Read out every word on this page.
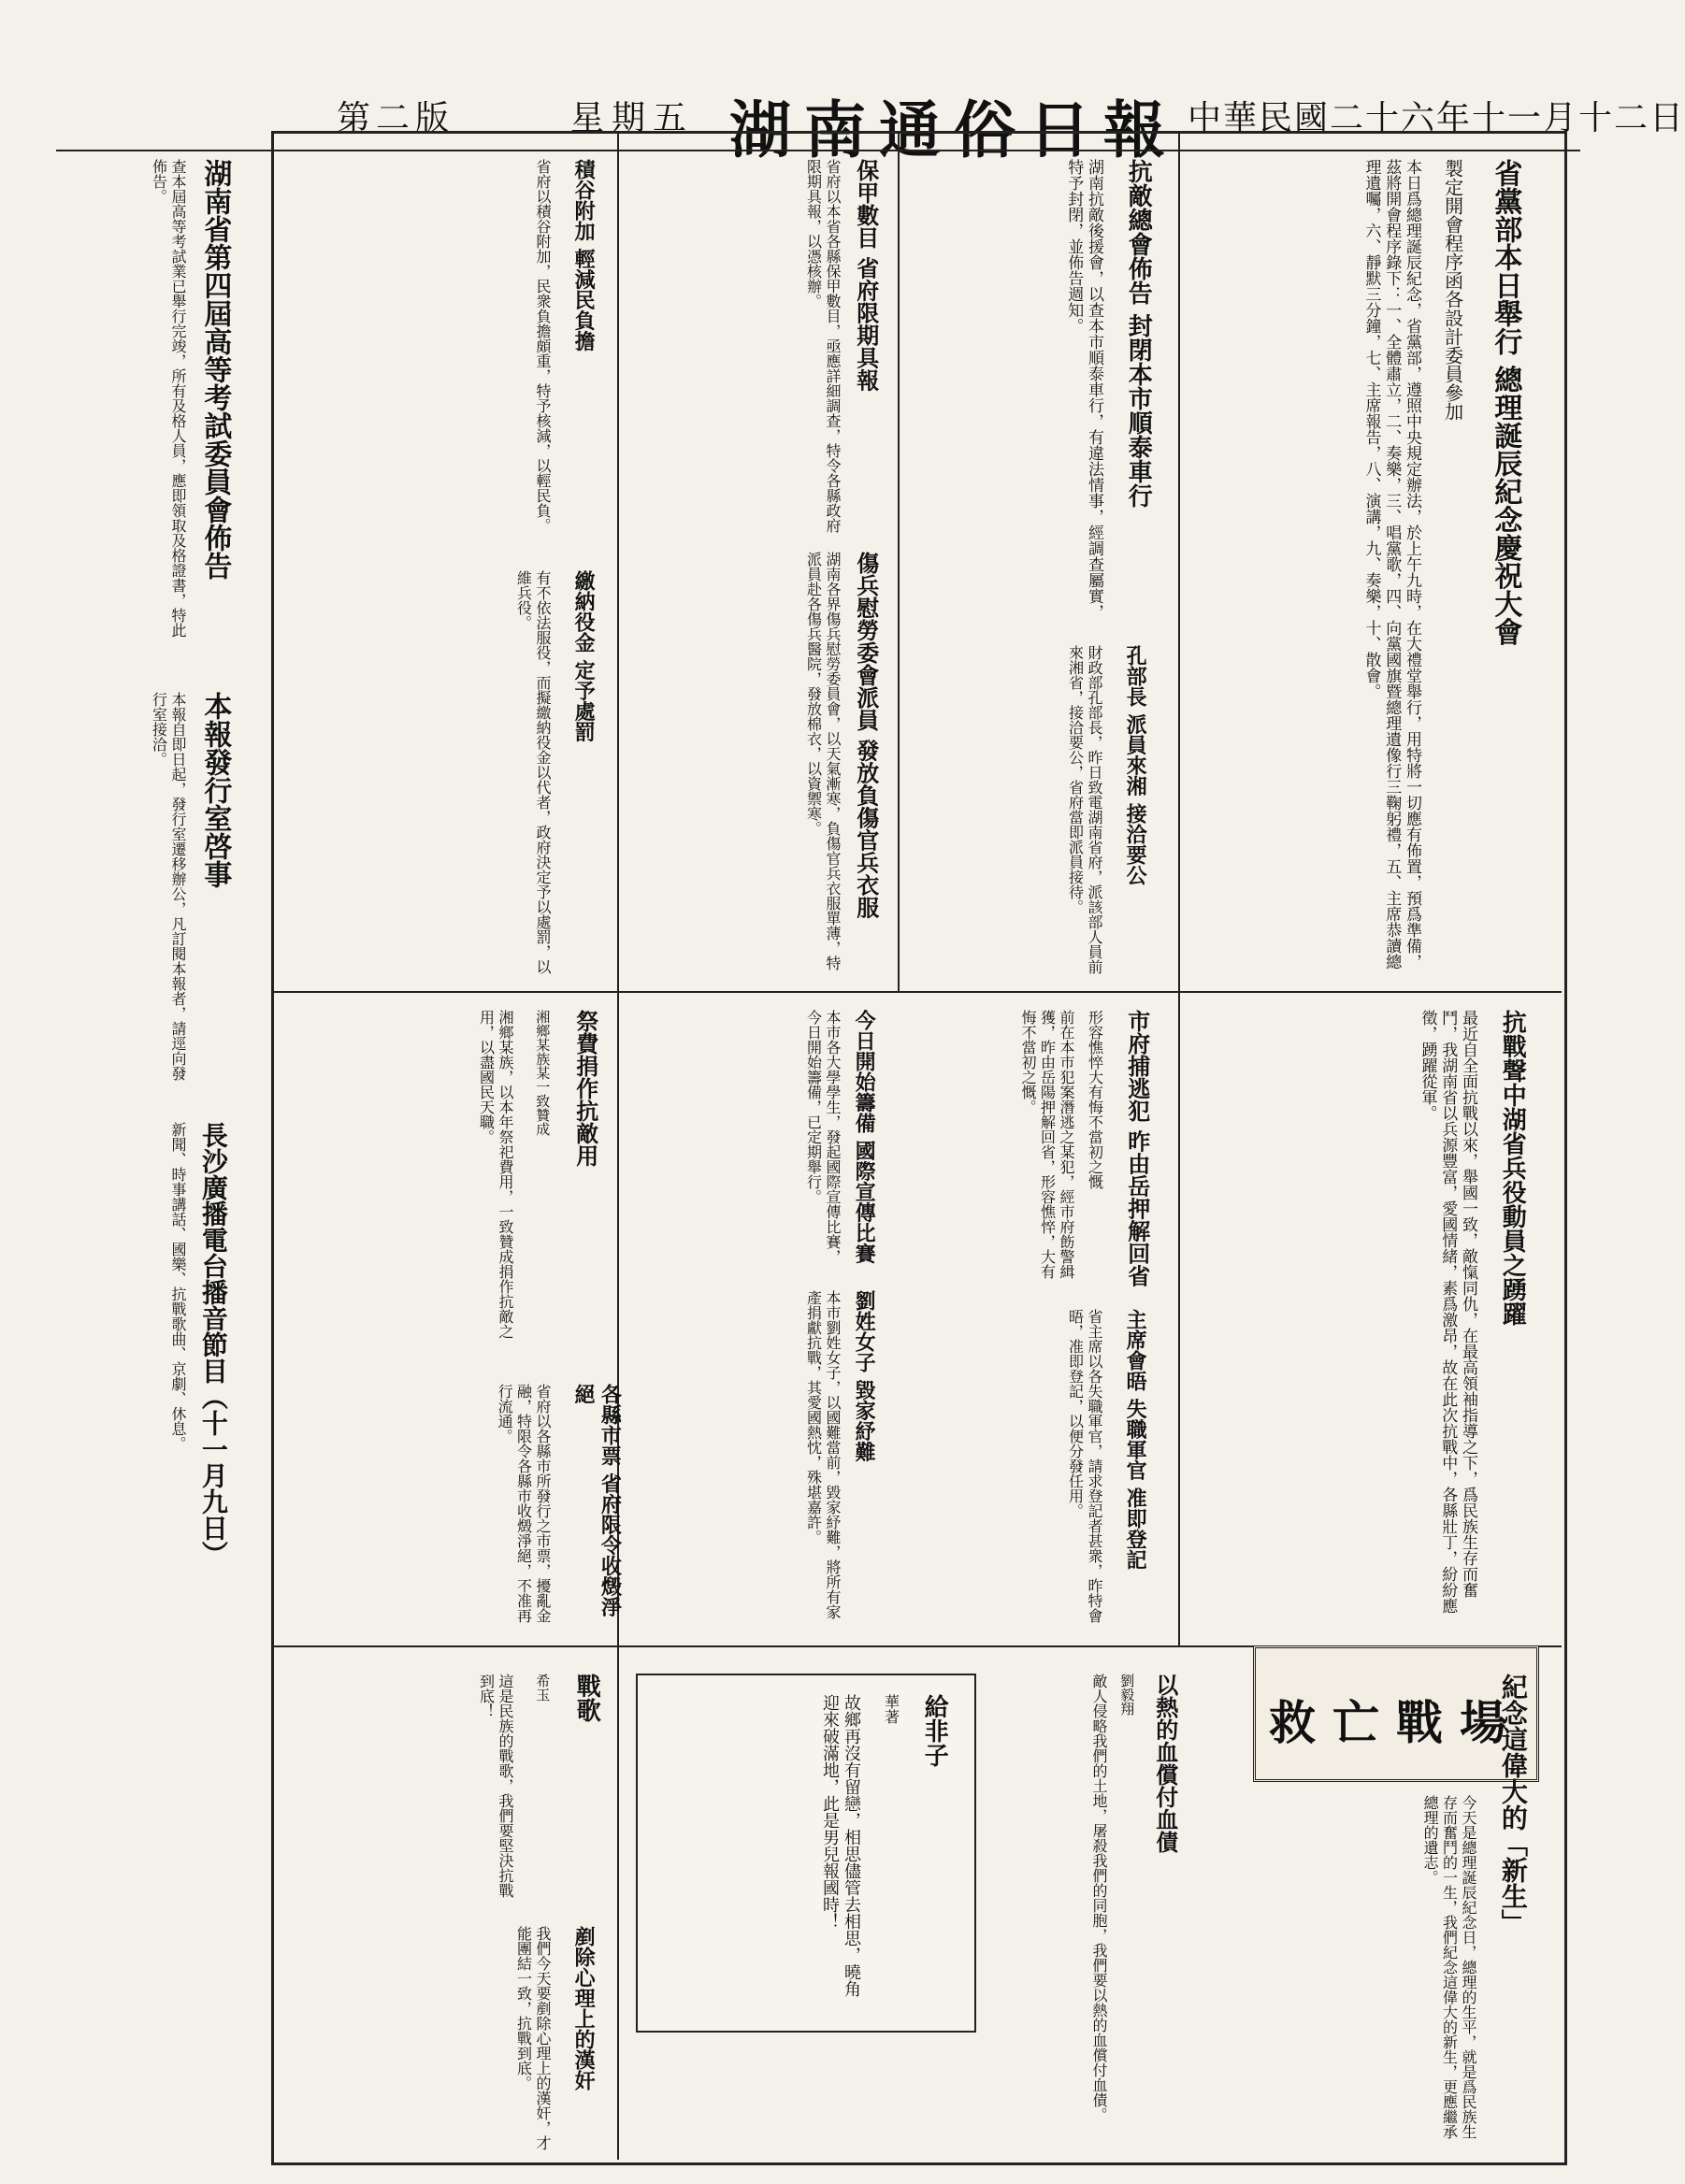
中華民國二十六年十一月十二日
湖南通俗日報
星期五
第二版
省黨部本日舉行 總理誕辰紀念慶祝大會
製定開會程序函各設計委員參加
本日爲總理誕辰紀念，省黨部，遵照中央規定辦法，於上午九時，在大禮堂舉行，用特將一切應有佈置，預爲準備，茲將開會程序錄下：一、全體肅立，二、奏樂，三、唱黨歌，四、向黨國旗暨總理遺像行三鞠躬禮，五、主席恭讀總理遺囑，六、靜默三分鐘，七、主席報告，八、演講，九、奏樂，十、散會。
抗戰聲中湖省兵役動員之踴躍
最近自全面抗戰以來，舉國一致，敵愾同仇，在最高領袖指導之下，爲民族生存而奮鬥，我湖南省以兵源豐富，愛國情緒，素爲激昂，故在此次抗戰中，各縣壯丁，紛紛應徵，踴躍從軍。
抗敵總會佈告 封閉本市順泰車行
湖南抗敵後援會，以查本市順泰車行，有違法情事，經調查屬實，特予封閉，並佈告週知。
孔部長 派員來湘 接洽要公
財政部孔部長，昨日致電湖南省府，派該部人員前來湘省，接洽要公，省府當即派員接待。
保甲數目 省府限期具報
省府以本省各縣保甲數目，亟應詳細調查，特令各縣政府限期具報，以憑核辦。
傷兵慰勞委會派員 發放負傷官兵衣服
湖南各界傷兵慰勞委員會，以天氣漸寒，負傷官兵衣服單薄，特派員赴各傷兵醫院，發放棉衣，以資禦寒。
市府捕逃犯 昨由岳押解回省
形容憔悴大有悔不當初之慨
前在本市犯案潛逃之某犯，經市府飭警緝獲，昨由岳陽押解回省，形容憔悴，大有悔不當初之慨。
今日開始籌備 國際宣傳比賽
本市各大學學生，發起國際宣傳比賽，今日開始籌備，已定期舉行。
主席會晤 失職軍官 准即登記
省主席以各失職軍官，請求登記者甚衆，昨特會晤，准即登記，以便分發任用。
劉姓女子 毀家紓難
本市劉姓女子，以國難當前，毀家紓難，將所有家產捐獻抗戰，其愛國熱忱，殊堪嘉許。
祭費捐作抗敵用
湘鄉某族某一致贊成
湘鄉某族，以本年祭祀費用，一致贊成捐作抗敵之用，以盡國民天職。
各縣市票 省府限令收燬淨絕
省府以各縣市所發行之市票，擾亂金融，特限令各縣市收燬淨絕，不准再行流通。
積谷附加 輕減民負擔
省府以積谷附加，民衆負擔頗重，特予核減，以輕民負。
繳納役金 定予處罰
有不依法服役，而擬繳納役金以代者，政府決定予以處罰，以維兵役。
湖南省第四屆高等考試委員會佈告
查本屆高等考試業已舉行完竣，所有及格人員，應即領取及格證書，特此佈告。
本報發行室啓事
本報自即日起，發行室遷移辦公，凡訂閱本報者，請逕向發行室接洽。
長沙廣播電台播音節目（十一月九日）
新聞、時事講話、國樂、抗戰歌曲、京劇、休息。
給非子
華著
故鄉再沒有留戀，相思儘管去相思，曉角迎來破滿地，此是男兒報國時！	救亡戰場
紀念這偉大的「新生」
今天是總理誕辰紀念日，總理的生平，就是爲民族生存而奮鬥的一生，我們紀念這偉大的新生，更應繼承總理的遺志。
戰歌
希玉
這是民族的戰歌，我們要堅決抗戰到底！	以熱的血償付血債
劉毅翔
敵人侵略我們的土地，屠殺我們的同胞，我們要以熱的血償付血債。
剷除心理上的漢奸
我們今天要剷除心理上的漢奸，才能團結一致，抗戰到底。
